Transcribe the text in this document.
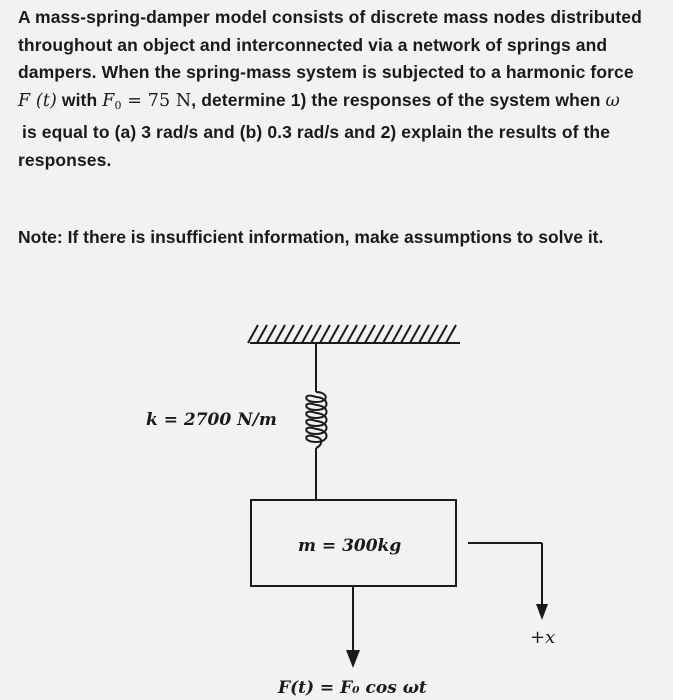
A mass-spring-damper model consists of discrete mass nodes distributed
throughout an object and interconnected via a network of springs and
dampers. When the spring-mass system is subjected to a harmonic force
F (t) with $F_0 = 75$ N, determine 1) the responses of the system when ω
is equal to (a) 3 rad/s and (b) 0.3 rad/s and 2) explain the results of the
responses.
Note: If there is insufficient information, make assumptions to solve it.
k = 2700 N/m
m = 300kg
+x
F(t) = F₀ cos ωt
